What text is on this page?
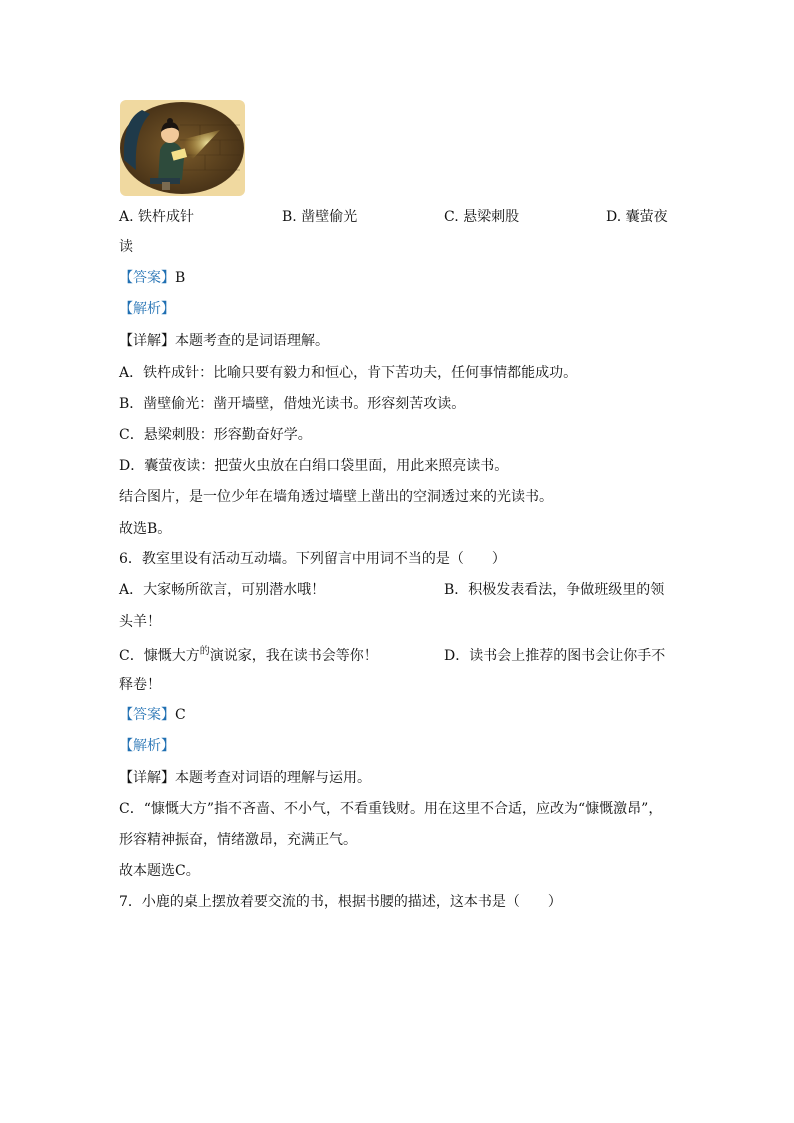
A. 铁杵成针	B. 凿壁偷光	C. 悬梁刺股	D. 囊萤夜
读
【答案】B
【解析】
【详解】本题考查的是词语理解。
A．铁杵成针：比喻只要有毅力和恒心，肯下苦功夫，任何事情都能成功。
B．凿壁偷光：凿开墙壁，借烛光读书。形容刻苦攻读。
C．悬梁刺股：形容勤奋好学。
D．囊萤夜读：把萤火虫放在白绢口袋里面，用此来照亮读书。
结合图片，是一位少年在墙角透过墙壁上凿出的空洞透过来的光读书。
故选B。
6．教室里设有活动互动墙。下列留言中用词不当的是（　　）
A．大家畅所欲言，可别潜水哦！	B．积极发表看法，争做班级里的领
头羊！
C．慷慨大方$^的$演说家，我在读书会等你！	D．读书会上推荐的图书会让你手不
释卷！
【答案】C
【解析】
【详解】本题考查对词语的理解与运用。
C．“慷慨大方”指不吝啬、不小气，不看重钱财。用在这里不合适，应改为“慷慨激昂”，
形容精神振奋，情绪激昂，充满正气。
故本题选C。
7．小鹿的桌上摆放着要交流的书，根据书腰的描述，这本书是（　　）
